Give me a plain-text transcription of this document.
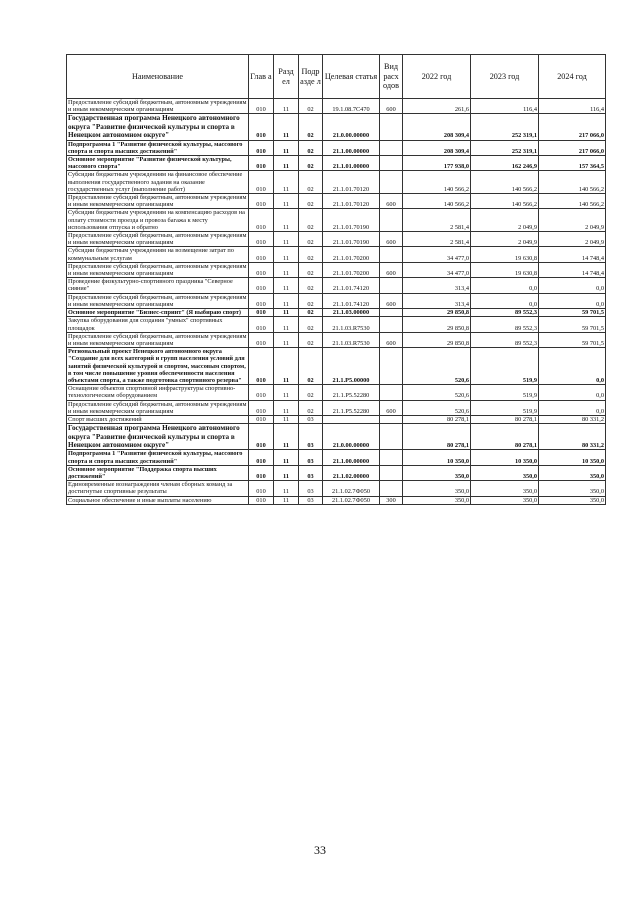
Наименование	Глав а	Разд ел	Подр азде л	Целевая статья	Вид расх одов	2022 год	2023 год	2024 год
Предоставление субсидий бюджетным, автономным учреждениям и иным некоммерческим организациям	010	11	02	19.1.08.7С470	600	261,6	116,4	116,4
Государственная программа Ненецкого автономного округа "Развитие физической культуры и спорта в Ненецком автономном округе"	010	11	02	21.0.00.00000		208 309,4	252 319,1	217 066,0
Подпрограмма 1 "Развитие физической культуры, массового спорта и спорта высших достижений"	010	11	02	21.1.00.00000		208 309,4	252 319,1	217 066,0
Основное мероприятие "Развитие физической культуры, массового спорта"	010	11	02	21.1.01.00000		177 938,0	162 246,9	157 364,5
Субсидии бюджетным учреждениям на финансовое обеспечение выполнения государственного задания на оказание государственных услуг (выполнение работ)	010	11	02	21.1.01.70120		140 566,2	140 566,2	140 566,2
Предоставление субсидий бюджетным, автономным учреждениям и иным некоммерческим организациям	010	11	02	21.1.01.70120	600	140 566,2	140 566,2	140 566,2
Субсидии бюджетным учреждениям на компенсацию расходов на оплату стоимости проезда и провоза багажа к месту использования отпуска и обратно	010	11	02	21.1.01.70190		2 581,4	2 049,9	2 049,9
Предоставление субсидий бюджетным, автономным учреждениям и иным некоммерческим организациям	010	11	02	21.1.01.70190	600	2 581,4	2 049,9	2 049,9
Субсидии бюджетным учреждениям на возмещение затрат по коммунальным услугам	010	11	02	21.1.01.70200		34 477,0	19 630,8	14 748,4
Предоставление субсидий бюджетным, автономным учреждениям и иным некоммерческим организациям	010	11	02	21.1.01.70200	600	34 477,0	19 630,8	14 748,4
Проведение физкультурно-спортивного праздника "Северное сияние"	010	11	02	21.1.01.74120		313,4	0,0	0,0
Предоставление субсидий бюджетным, автономным учреждениям и иным некоммерческим организациям	010	11	02	21.1.01.74120	600	313,4	0,0	0,0
Основное мероприятие "Бизнес-спринт" (Я выбираю спорт)	010	11	02	21.1.03.00000		29 850,8	89 552,3	59 701,5
Закупка оборудования для создания "умных" спортивных площадок	010	11	02	21.1.03.R7530		29 850,8	89 552,3	59 701,5
Предоставление субсидий бюджетным, автономным учреждениям и иным некоммерческим организациям	010	11	02	21.1.03.R7530	600	29 850,8	89 552,3	59 701,5
Региональный проект Ненецкого автономного округа "Создание для всех категорий и групп населения условий для занятий физической культурой и спортом, массовым спортом, в том числе повышение уровня обеспеченности населения объектами спорта, а также подготовка спортивного резерва"	010	11	02	21.1.P5.00000		520,6	519,9	0,0
Оснащение объектов спортивной инфраструктуры спортивно-технологическим оборудованием	010	11	02	21.1.P5.52280		520,6	519,9	0,0
Предоставление субсидий бюджетным, автономным учреждениям и иным некоммерческим организациям	010	11	02	21.1.P5.52280	600	520,6	519,9	0,0
Спорт высших достижений	010	11	03			80 278,1	80 278,1	80 331,2
Государственная программа Ненецкого автономного округа "Развитие физической культуры и спорта в Ненецком автономном округе"	010	11	03	21.0.00.00000		80 278,1	80 278,1	80 331,2
Подпрограмма 1 "Развитие физической культуры, массового спорта и спорта высших достижений"	010	11	03	21.1.00.00000		10 350,0	10 350,0	10 350,0
Основное мероприятие "Поддержка спорта высших достижений"	010	11	03	21.1.02.00000		350,0	350,0	350,0
Единовременные вознаграждения членам сборных команд за достигнутые спортивные результаты	010	11	03	21.1.02.7Ф050		350,0	350,0	350,0
Социальное обеспечение и иные выплаты населению	010	11	03	21.1.02.7Ф050	300	350,0	350,0	350,0
33
